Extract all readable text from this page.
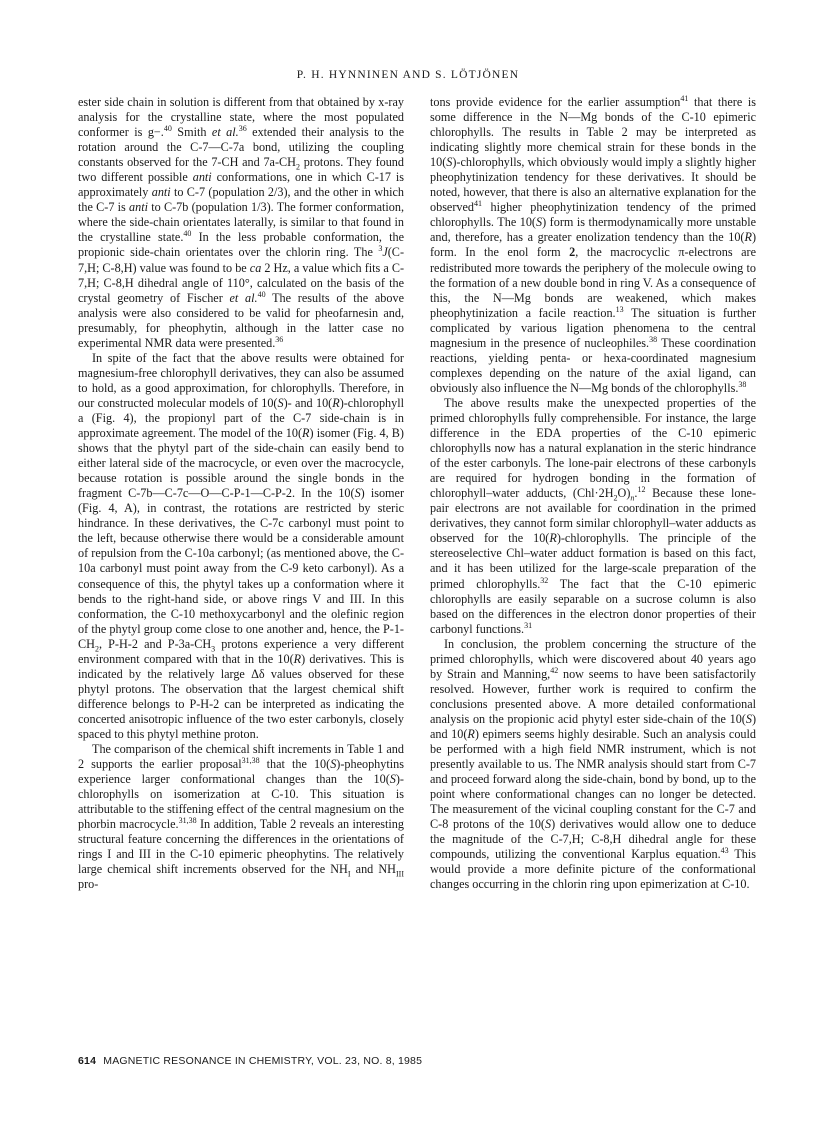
P. H. HYNNINEN AND S. LÖTJÖNEN

ester side chain in solution is different from that obtained by x-ray analysis for the crystalline state, where the most populated conformer is g−.$^{40}$ Smith et al.$^{36}$ extended their analysis to the rotation around the C-7—C-7a bond, utilizing the coupling constants observed for the 7-CH and $7a-CH_2$ protons. They found two different possible anti conformations, one in which C-17 is approximately anti to C-7 (population 2/3), and the other in which the C-7 is anti to C-7b (population 1/3). The former conformation, where the side-chain orientates laterally, is similar to that found in the crystalline state.$^{40}$ In the less probable conformation, the propionic side-chain orientates over the chlorin ring. The $^3$J(C-7,H; C-8,H) value was found to be ca 2 Hz, a value which fits a C-7,H; C-8,H dihedral angle of 110°, calculated on the basis of the crystal geometry of Fischer et al.$^{40}$ The results of the above analysis were also considered to be valid for pheofarnesin and, presumably, for pheophytin, although in the latter case no experimental NMR data were presented.$^{36}$

In spite of the fact that the above results were obtained for magnesium-free chlorophyll derivatives, they can also be assumed to hold, as a good approximation, for chlorophylls. Therefore, in our constructed molecular models of 10(S)- and 10(R)-chlorophyll a (Fig. 4), the propionyl part of the C-7 side-chain is in approximate agreement. The model of the 10(R) isomer (Fig. 4, B) shows that the phytyl part of the side-chain can easily bend to either lateral side of the macrocycle, or even over the macrocycle, because rotation is possible around the single bonds in the fragment C-7b—C-7c—O—C-P-1—C-P-2. In the 10(S) isomer (Fig. 4, A), in contrast, the rotations are restricted by steric hindrance. In these derivatives, the C-7c carbonyl must point to the left, because otherwise there would be a considerable amount of repulsion from the C-10a carbonyl; (as mentioned above, the C-10a carbonyl must point away from the C-9 keto carbonyl). As a consequence of this, the phytyl takes up a conformation where it bends to the right-hand side, or above rings V and III. In this conformation, the C-10 methoxycarbonyl and the olefinic region of the phytyl group come close to one another and, hence, the $P-1-CH_2$, P-H-2 and $P-3a-CH_3$ protons experience a very different environment compared with that in the 10(R) derivatives. This is indicated by the relatively large Δδ values observed for these phytyl protons. The observation that the largest chemical shift difference belongs to P-H-2 can be interpreted as indicating the concerted anisotropic influence of the two ester carbonyls, closely spaced to this phytyl methine proton.

The comparison of the chemical shift increments in Table 1 and 2 supports the earlier proposal$^{31,38}$ that the 10(S)-pheophytins experience larger conformational changes than the 10(S)-chlorophylls on isomerization at C-10. This situation is attributable to the stiffening effect of the central magnesium on the phorbin macrocycle.$^{31,38}$ In addition, Table 2 reveals an interesting structural feature concerning the differences in the orientations of rings I and III in the C-10 epimeric pheophytins. The relatively large chemical shift increments observed for the $NH_I$ and $NH_{III}$ pro-

tons provide evidence for the earlier assumption$^{41}$ that there is some difference in the N—Mg bonds of the C-10 epimeric chlorophylls. The results in Table 2 may be interpreted as indicating slightly more chemical strain for these bonds in the 10(S)-chlorophylls, which obviously would imply a slightly higher pheophytinization tendency for these derivatives. It should be noted, however, that there is also an alternative explanation for the observed$^{41}$ higher pheophytinization tendency of the primed chlorophylls. The 10(S) form is thermodynamically more unstable and, therefore, has a greater enolization tendency than the 10(R) form. In the enol form 2, the macrocyclic π-electrons are redistributed more towards the periphery of the molecule owing to the formation of a new double bond in ring V. As a consequence of this, the N—Mg bonds are weakened, which makes pheophytinization a facile reaction.$^{13}$ The situation is further complicated by various ligation phenomena to the central magnesium in the presence of nucleophiles.$^{38}$ These coordination reactions, yielding penta- or hexa-coordinated magnesium complexes depending on the nature of the axial ligand, can obviously also influence the N—Mg bonds of the chlorophylls.$^{38}$

The above results make the unexpected properties of the primed chlorophylls fully comprehensible. For instance, the large difference in the EDA properties of the C-10 epimeric chlorophylls now has a natural explanation in the steric hindrance of the ester carbonyls. The lone-pair electrons of these carbonyls are required for hydrogen bonding in the formation of chlorophyll–water adducts, $(Chl\cdot 2H_2O)_n.^{12}$ Because these lone-pair electrons are not available for coordination in the primed derivatives, they cannot form similar chlorophyll–water adducts as observed for the 10(R)-chlorophylls. The principle of the stereoselective Chl–water adduct formation is based on this fact, and it has been utilized for the large-scale preparation of the primed chlorophylls.$^{32}$ The fact that the C-10 epimeric chlorophylls are easily separable on a sucrose column is also based on the differences in the electron donor properties of their carbonyl functions.$^{31}$

In conclusion, the problem concerning the structure of the primed chlorophylls, which were discovered about 40 years ago by Strain and Manning,$^{42}$ now seems to have been satisfactorily resolved. However, further work is required to confirm the conclusions presented above. A more detailed conformational analysis on the propionic acid phytyl ester side-chain of the 10(S) and 10(R) epimers seems highly desirable. Such an analysis could be performed with a high field NMR instrument, which is not presently available to us. The NMR analysis should start from C-7 and proceed forward along the side-chain, bond by bond, up to the point where conformational changes can no longer be detected. The measurement of the vicinal coupling constant for the C-7 and C-8 protons of the 10(S) derivatives would allow one to deduce the magnitude of the C-7,H; C-8,H dihedral angle for these compounds, utilizing the conventional Karplus equation.$^{43}$ This would provide a more definite picture of the conformational changes occurring in the chlorin ring upon epimerization at C-10.

614 MAGNETIC RESONANCE IN CHEMISTRY, VOL. 23, NO. 8, 1985
